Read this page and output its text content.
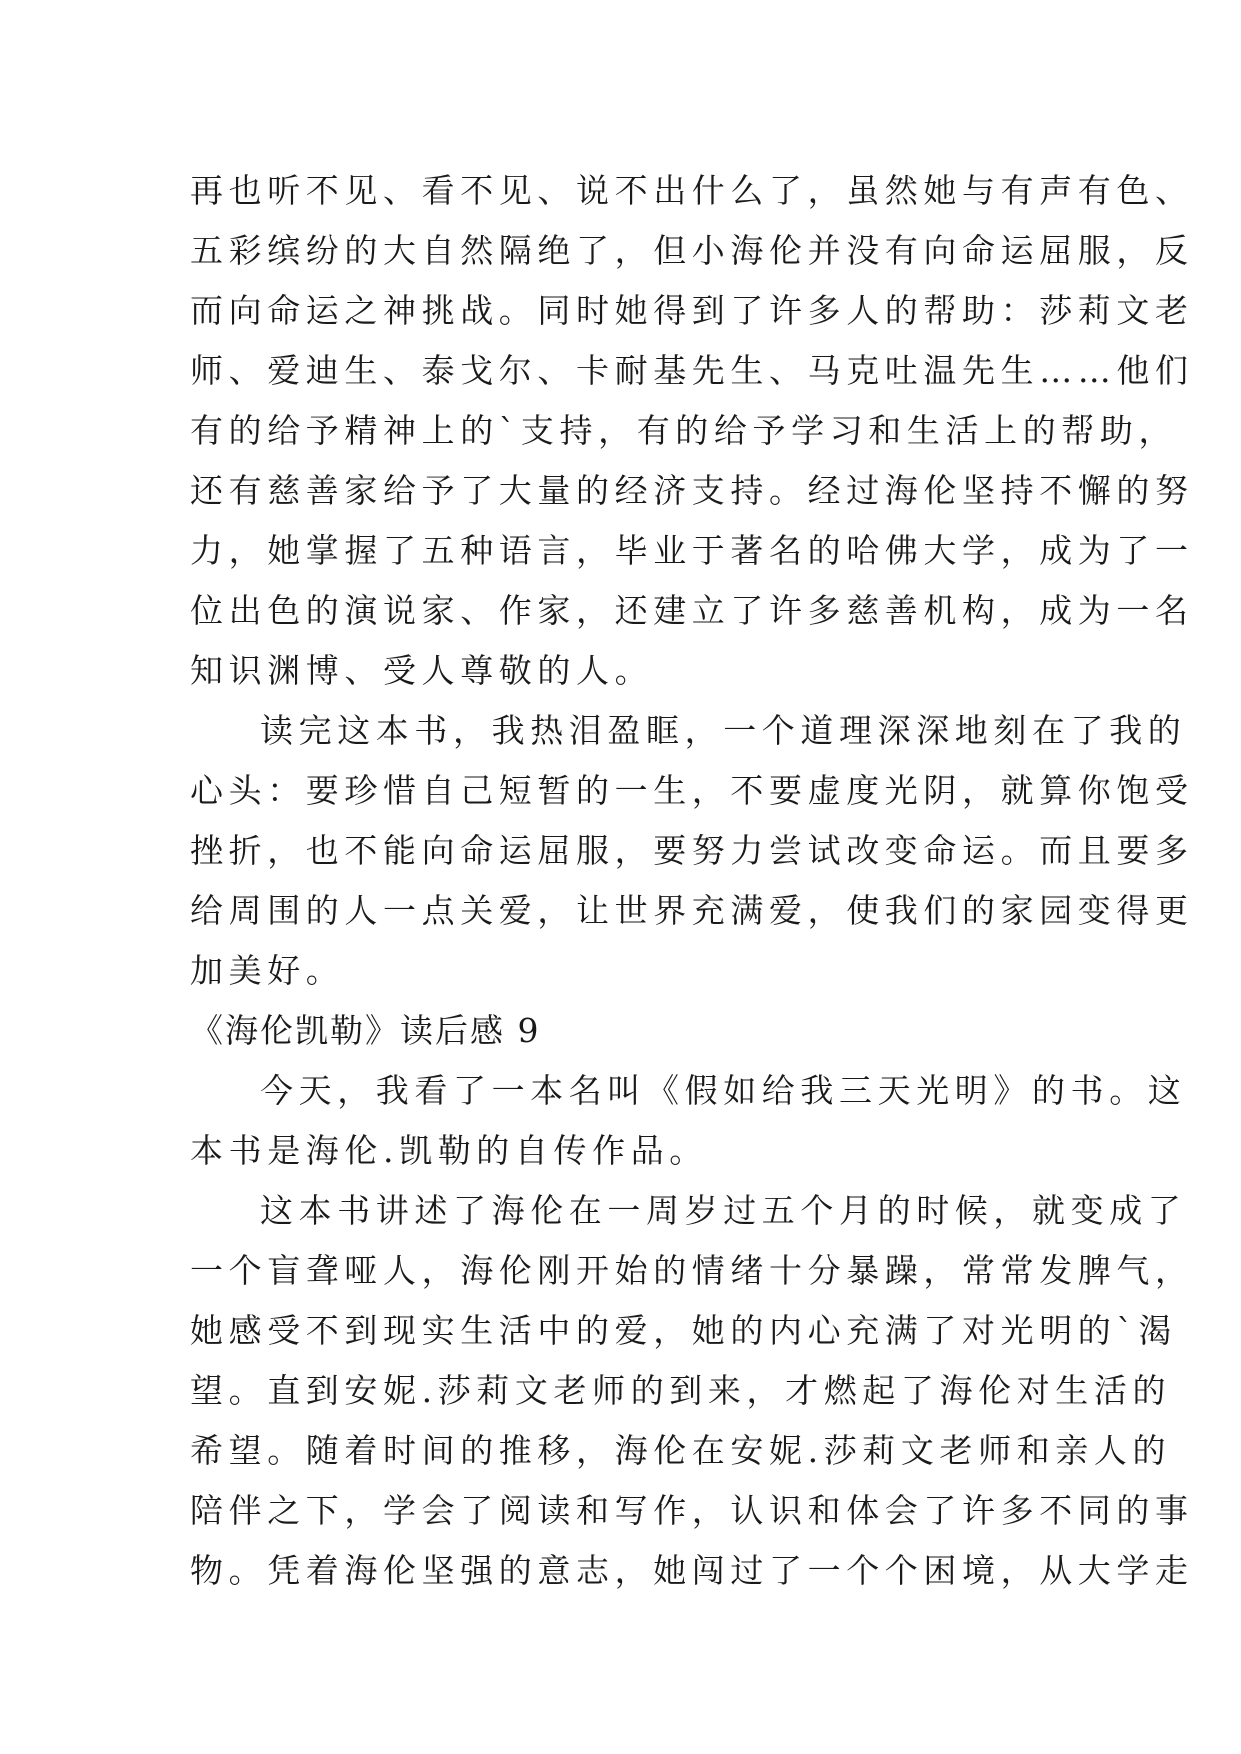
再也听不见、看不见、说不出什么了，虽然她与有声有色、
五彩缤纷的大自然隔绝了，但小海伦并没有向命运屈服，反
而向命运之神挑战。同时她得到了许多人的帮助：莎莉文老
师、爱迪生、泰戈尔、卡耐基先生、马克吐温先生……他们
有的给予精神上的`支持，有的给予学习和生活上的帮助，
还有慈善家给予了大量的经济支持。经过海伦坚持不懈的努
力，她掌握了五种语言，毕业于著名的哈佛大学，成为了一
位出色的演说家、作家，还建立了许多慈善机构，成为一名
知识渊博、受人尊敬的人。
读完这本书，我热泪盈眶，一个道理深深地刻在了我的
心头：要珍惜自己短暂的一生，不要虚度光阴，就算你饱受
挫折，也不能向命运屈服，要努力尝试改变命运。而且要多
给周围的人一点关爱，让世界充满爱，使我们的家园变得更
加美好。
《海伦凯勒》读后感 9
今天，我看了一本名叫《假如给我三天光明》的书。这
本书是海伦.凯勒的自传作品。
这本书讲述了海伦在一周岁过五个月的时候，就变成了
一个盲聋哑人，海伦刚开始的情绪十分暴躁，常常发脾气，
她感受不到现实生活中的爱，她的内心充满了对光明的`渴
望。直到安妮.莎莉文老师的到来，才燃起了海伦对生活的
希望。随着时间的推移，海伦在安妮.莎莉文老师和亲人的
陪伴之下，学会了阅读和写作，认识和体会了许多不同的事
物。凭着海伦坚强的意志，她闯过了一个个困境，从大学走
